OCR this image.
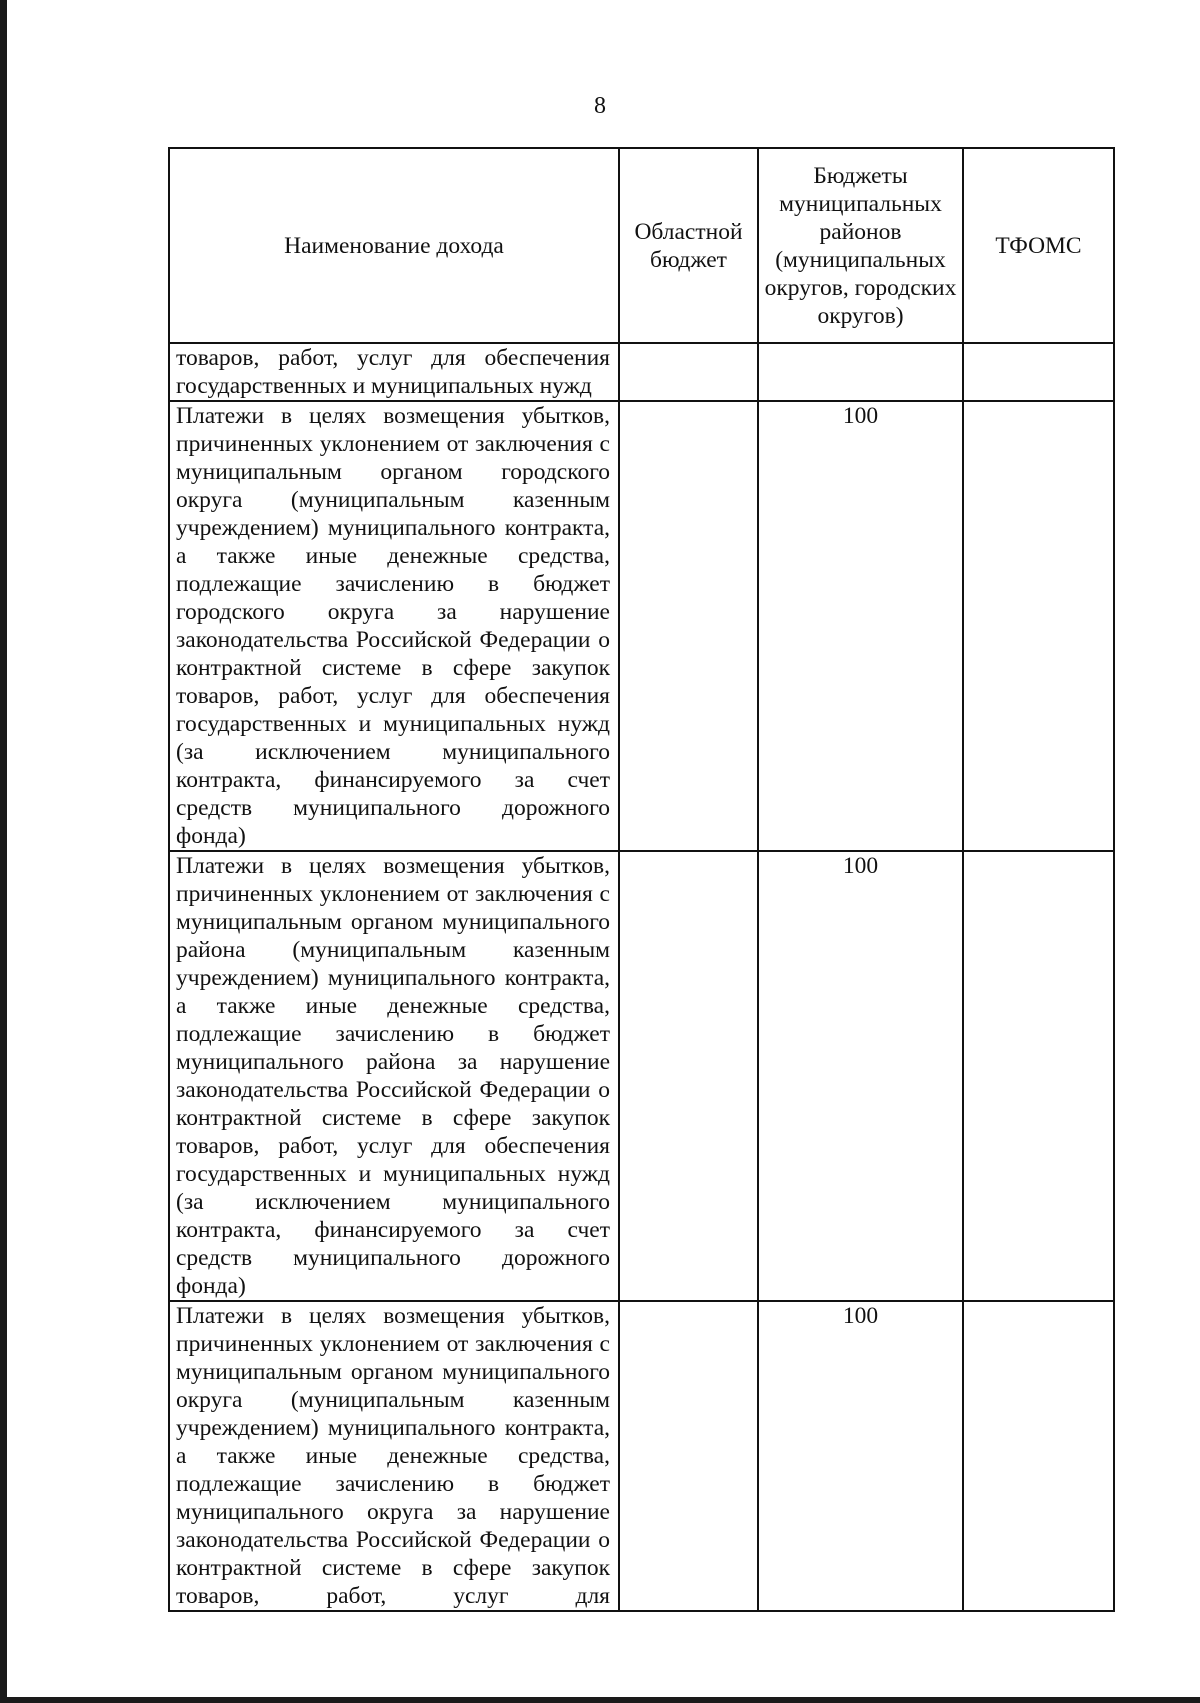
8
Наименование дохода	Областной бюджет	Бюджеты муниципальных районов (муниципальных округов, городских округов)	ТФОМС
товаров, работ, услуг для обеспечения государственных и муниципальных нужд			
Платежи в целях возмещения убытков, причиненных уклонением от заключения с муниципальным органом городского округа (муниципальным казенным учреждением) муниципального контракта, а также иные денежные средства, подлежащие зачислению в бюджет городского округа за нарушение законодательства Российской Федерации о контрактной системе в сфере закупок товаров, работ, услуг для обеспечения государственных и муниципальных нужд (за исключением муниципального контракта, финансируемого за счет средств муниципального дорожного фонда)		100	
Платежи в целях возмещения убытков, причиненных уклонением от заключения с муниципальным органом муниципального района (муниципальным казенным учреждением) муниципального контракта, а также иные денежные средства, подлежащие зачислению в бюджет муниципального района за нарушение законодательства Российской Федерации о контрактной системе в сфере закупок товаров, работ, услуг для обеспечения государственных и муниципальных нужд (за исключением муниципального контракта, финансируемого за счет средств муниципального дорожного фонда)		100	
Платежи в целях возмещения убытков, причиненных уклонением от заключения с муниципальным органом муниципального округа (муниципальным казенным учреждением) муниципального контракта, а также иные денежные средства, подлежащие зачислению в бюджет муниципального округа за нарушение законодательства Российской Федерации о контрактной системе в сфере закупок товаров, работ, услуг для		100	
